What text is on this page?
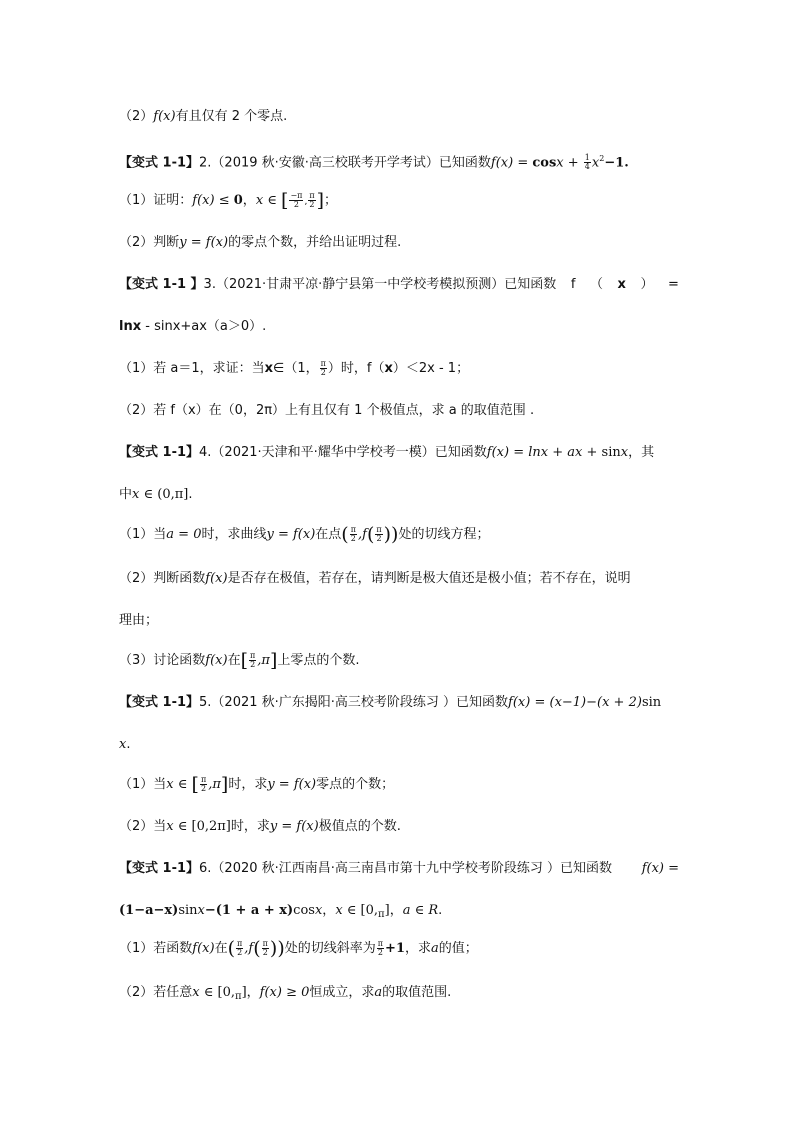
（2）f(x)有且仅有 2 个零点.
【变式 1-1】2.（2019 秋·安徽·高三校联考开学考试）已知函数$f(x) = \cos x + \frac{1}{4} x^2-1$.
（1）证明：f(x) ≤ 0，x ∈ [ $\frac{-\pi}{2}$ , $\frac{\pi}{2}$ ]；
（2）判断y = f(x)的零点个数，并给出证明过程.
【变式 1-1 】3.（2021·甘肃平凉·静宁县第一中学校考模拟预测）已知函数 f （ x ） =
lnx - sinx+ax（a＞0）.
（1）若 a＝1，求证：当x∈（1， $\frac{\pi}{2}$ ）时，f（x）＜2x - 1；
（2）若 f（x）在（0，2π）上有且仅有 1 个极值点，求 a 的取值范围 .
【变式 1-1】4.（2021·天津和平·耀华中学校考一模）已知函数f(x) = lnx + ax + sinx，其
中x ∈ (0,π].
（1）当a = 0时，求曲线y = f(x)在点( $\frac{\pi}{2} ,f( \frac{\pi}{2}$ ))处的切线方程；
（2）判断函数f(x)是否存在极值，若存在，请判断是极大值还是极小值；若不存在，说明
理由；
（3）讨论函数f(x)在[ $\frac{\pi}{2} ,\pi$]上零点的个数.
【变式 1-1】5.（2021 秋·广东揭阳·高三校考阶段练习 ）已知函数f(x) = (x−1)−(x + 2)sin
x.
（1）当x ∈ [ $\frac{\pi}{2} ,\pi$]时，求y = f(x)零点的个数；
（2）当x ∈ [0,2π]时，求y = f(x)极值点的个数.
【变式 1-1】6.（2020 秋·江西南昌·高三南昌市第十九中学校考阶段练习 ）已知函数 f(x) =
(1−a−x)sinx−(1 + a + x)cosx，x ∈ $[0,_\pi]$，a ∈ R.
（1）若函数f(x)在( $\frac{\pi}{2} ,f( \frac{\pi}{2}$ ))处的切线斜率为 $\frac{\pi}{2} +1$，求a的值；
（2）若任意x ∈ $[0,_\pi]$，f(x) ≥ 0恒成立，求a的取值范围.
